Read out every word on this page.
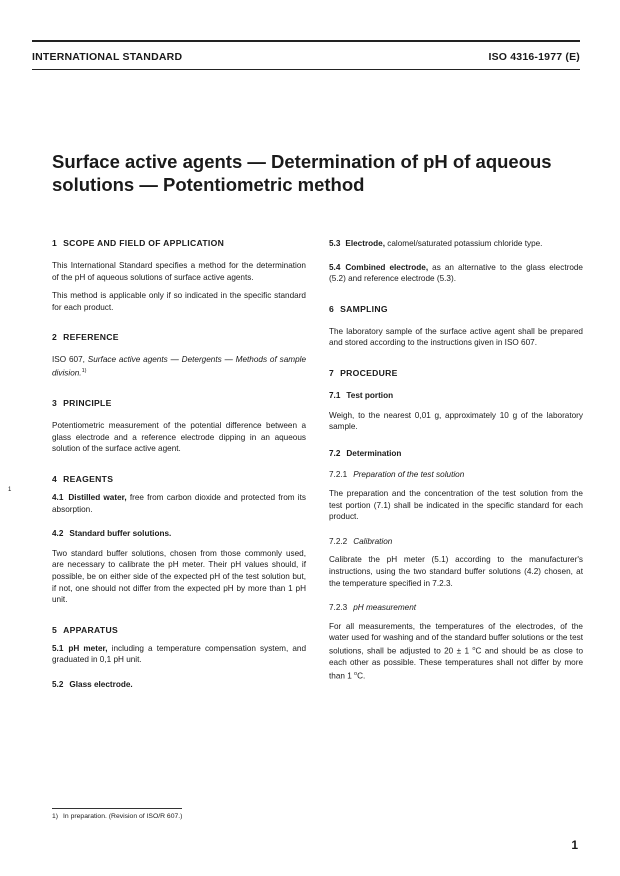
INTERNATIONAL STANDARD	ISO 4316-1977 (E)
Surface active agents — Determination of pH of aqueous
solutions — Potentiometric method
1
1 SCOPE AND FIELD OF APPLICATION

This International Standard specifies a method for the determination of the pH of aqueous solutions of surface active agents.

This method is applicable only if so indicated in the specific standard for each product.

2 REFERENCE

ISO 607, Surface active agents — Detergents — Methods of sample division.$^{1)}$

3 PRINCIPLE

Potentiometric measurement of the potential difference between a glass electrode and a reference electrode dipping in an aqueous solution of the surface active agent.

4 REAGENTS

4.1 Distilled water, free from carbon dioxide and protected from its absorption.

4.2 Standard buffer solutions.

Two standard buffer solutions, chosen from those commonly used, are necessary to calibrate the pH meter. Their pH values should, if possible, be on either side of the expected pH of the test solution but, if not, one should not differ from the expected pH by more than 1 pH unit.

5 APPARATUS

5.1 pH meter, including a temperature compensation system, and graduated in 0,1 pH unit.

5.2 Glass electrode.

5.3 Electrode, calomel/saturated potassium chloride type.

5.4 Combined electrode, as an alternative to the glass electrode (5.2) and reference electrode (5.3).

6 SAMPLING

The laboratory sample of the surface active agent shall be prepared and stored according to the instructions given in ISO 607.

7 PROCEDURE
7.1 Test portion

Weigh, to the nearest 0,01 g, approximately 10 g of the laboratory sample.

7.2 Determination
7.2.1 Preparation of the test solution

The preparation and the concentration of the test solution from the test portion (7.1) shall be indicated in the specific standard for each product.

7.2.2 Calibration

Calibrate the pH meter (5.1) according to the manufacturer's instructions, using the two standard buffer solutions (4.2) chosen, at the temperature specified in 7.2.3.

7.2.3 pH measurement

For all measurements, the temperatures of the electrodes, of the water used for washing and of the standard buffer solutions or the test solutions, shall be adjusted to 20 ± 1 $^o$C and should be as close to each other as possible. These temperatures shall not differ by more than 1 $^o$C.

1) In preparation. (Revision of ISO/R 607.)
1
